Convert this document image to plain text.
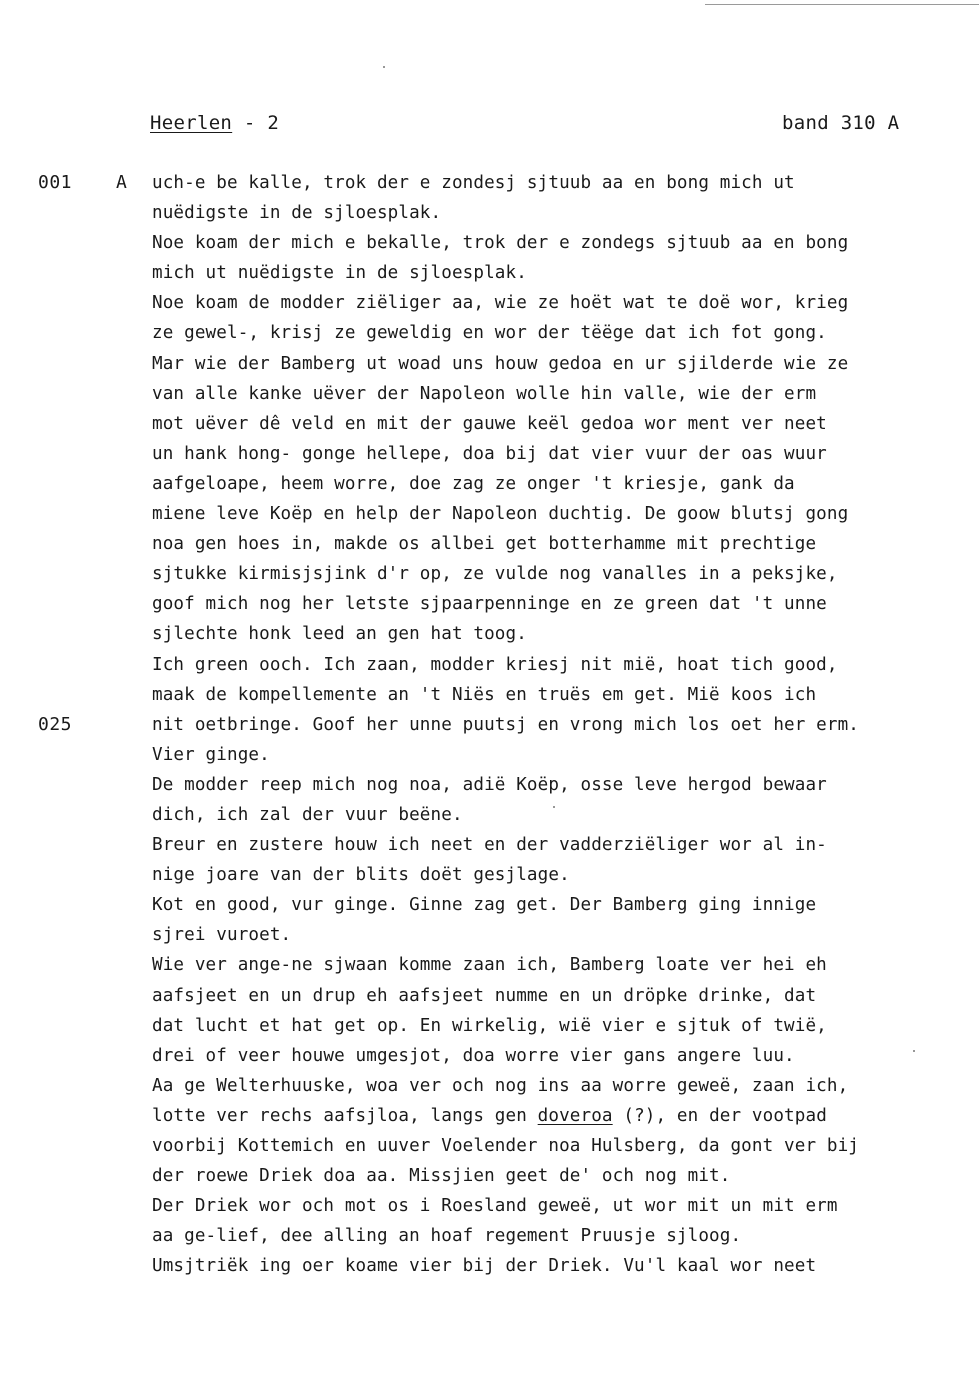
Heerlen - 2	band 310 A
001 A
025
uch-e be kalle, trok der e zondesj sjtuub aa en bong mich ut
nuëdigste in de sjloesplak.
Noe koam der mich e bekalle, trok der e zondegs sjtuub aa en bong
mich ut nuëdigste in de sjloesplak.
Noe koam de modder ziëliger aa, wie ze hoët wat te doë wor, krieg
ze gewel-, krisj ze geweldig en wor der tëëge dat ich fot gong.
Mar wie der Bamberg ut woad uns houw gedoa en ur sjilderde wie ze
van alle kanke uëver der Napoleon wolle hin valle, wie der erm
mot uëver dê veld en mit der gauwe keël gedoa wor ment ver neet
un hank hong- gonge hellepe, doa bij dat vier vuur der oas wuur
aafgeloape, heem worre, doe zag ze onger 't kriesje, gank da
miene leve Koëp en help der Napoleon duchtig. De goow blutsj gong
noa gen hoes in, makde os allbei get botterhamme mit prechtige
sjtukke kirmisjsjink d'r op, ze vulde nog vanalles in a peksjke,
goof mich nog her letste sjpaarpenninge en ze green dat 't unne
sjlechte honk leed an gen hat toog.
Ich green ooch. Ich zaan, modder kriesj nit mië, hoat tich good,
maak de kompellemente an 't Niës en truës em get. Mië koos ich
nit oetbringe. Goof her unne puutsj en vrong mich los oet her erm.
Vier ginge.
De modder reep mich nog noa, adië Koëp, osse leve hergod bewaar
dich, ich zal der vuur beëne.
Breur en zustere houw ich neet en der vadderziëliger wor al in-
nige joare van der blits doët gesjlage.
Kot en good, vur ginge. Ginne zag get. Der Bamberg ging innige
sjrei vuroet.
Wie ver ange-ne sjwaan komme zaan ich, Bamberg loate ver hei eh
aafsjeet en un drup eh aafsjeet numme en un dröpke drinke, dat
dat lucht et hat get op. En wirkelig, wië vier e sjtuk of twië,
drei of veer houwe umgesjot, doa worre vier gans angere luu.
Aa ge Welterhuuske, woa ver och nog ins aa worre geweë, zaan ich,
lotte ver rechs aafsjloa, langs gen doveroa (?), en der vootpad
voorbij Kottemich en uuver Voelender noa Hulsberg, da gont ver bij
der roewe Driek doa aa. Missjien geet de' och nog mit.
Der Driek wor och mot os i Roesland geweë, ut wor mit un mit erm
aa ge-lief, dee alling an hoaf regement Pruusje sjloog.
Umsjtriëk ing oer koame vier bij der Driek. Vu'l kaal wor neet
